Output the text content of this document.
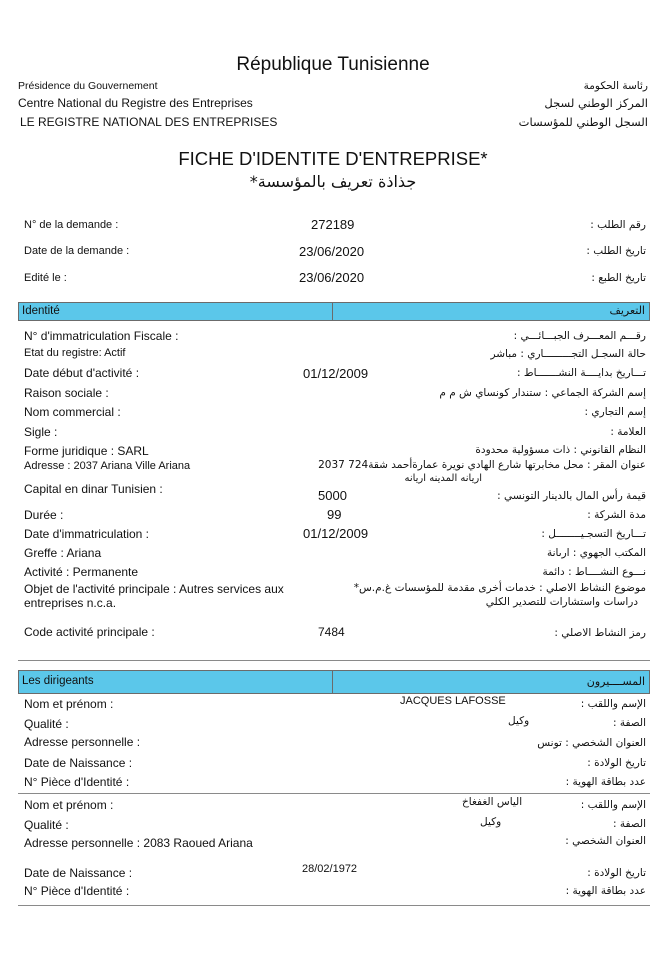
République Tunisienne
Présidence du Gouvernement	رئاسة الحكومة
Centre National du Registre des Entreprises	المركز الوطني لسجل
LE REGISTRE NATIONAL DES ENTREPRISES	السجل الوطني للمؤسسات
FICHE D'IDENTITE D'ENTREPRISE*
جذاذة تعريف بالمؤسسة*
N° de la demande :	272189	رقم الطلب :
Date de la demande :	23/06/2020	تاريخ الطلب :
Edité le :	23/06/2020	تاريخ الطبع :
Identité	التعريف
N° d'immatriculation Fiscale :	رقـــم المعـــرف الجبـــائـــي :
Etat du registre: Actif	حالة السجـل التجـــــــــاري : مباشر
Date début d'activité :	01/12/2009	تـــاريخ بدايــــة النشـــــــاط :
Raison sociale :	إسم الشركة الجماعي : ستندار كونساي ش م م
Nom commercial :	إسم التجاري :
Sigle :	العلامة :
Forme juridique : SARL	النظام القانوني : ذات مسؤولية محدودة
Adresse : 2037 Ariana Ville Ariana	عنوان المقر : محل مخابرتها شارع الهادي نويرة عمارةأحمد شقة724 2037
اريانه المدينه اريانه
Capital en dinar Tunisien :	5000	قيمة رأس المال بالدينار التونسي :
Durée :	99	مدة الشركة :
Date d'immatriculation :	01/12/2009	تـــاريخ التسجـيــــــــل :
Greffe : Ariana	المكتب الجهوي : ارىانة
Activité : Permanente	نـــوع النشــــاط : دائمة
Objet de l'activité principale : Autres services aux
entreprises n.c.a.
موضوع النشاط الاصلي : خدمات أخرى مقدمة للمؤسسات غ.م.س*
دراسات واستشارات للتصدير الكلي
Code activité principale :	7484	رمز النشاط الاصلي :
Les dirigeants	المســــيرون
Nom et prénom :	JACQUES LAFOSSE	الإسم واللقب :
Qualité :	وكيل	الصفة :
Adresse personnelle :	العنوان الشخصي : تونس
Date de Naissance :	تاريخ الولادة :
N° Pièce d'Identité :	عدد بطاقة الهوية :
Nom et prénom :	الياس الغفغاخ	الإسم واللقب :
Qualité :	وكيل	الصفة :
Adresse personnelle : 2083 Raoued Ariana	العنوان الشخصي :
Date de Naissance :	28/02/1972	تاريخ الولادة :
N° Pièce d'Identité :	عدد بطاقة الهوية :
